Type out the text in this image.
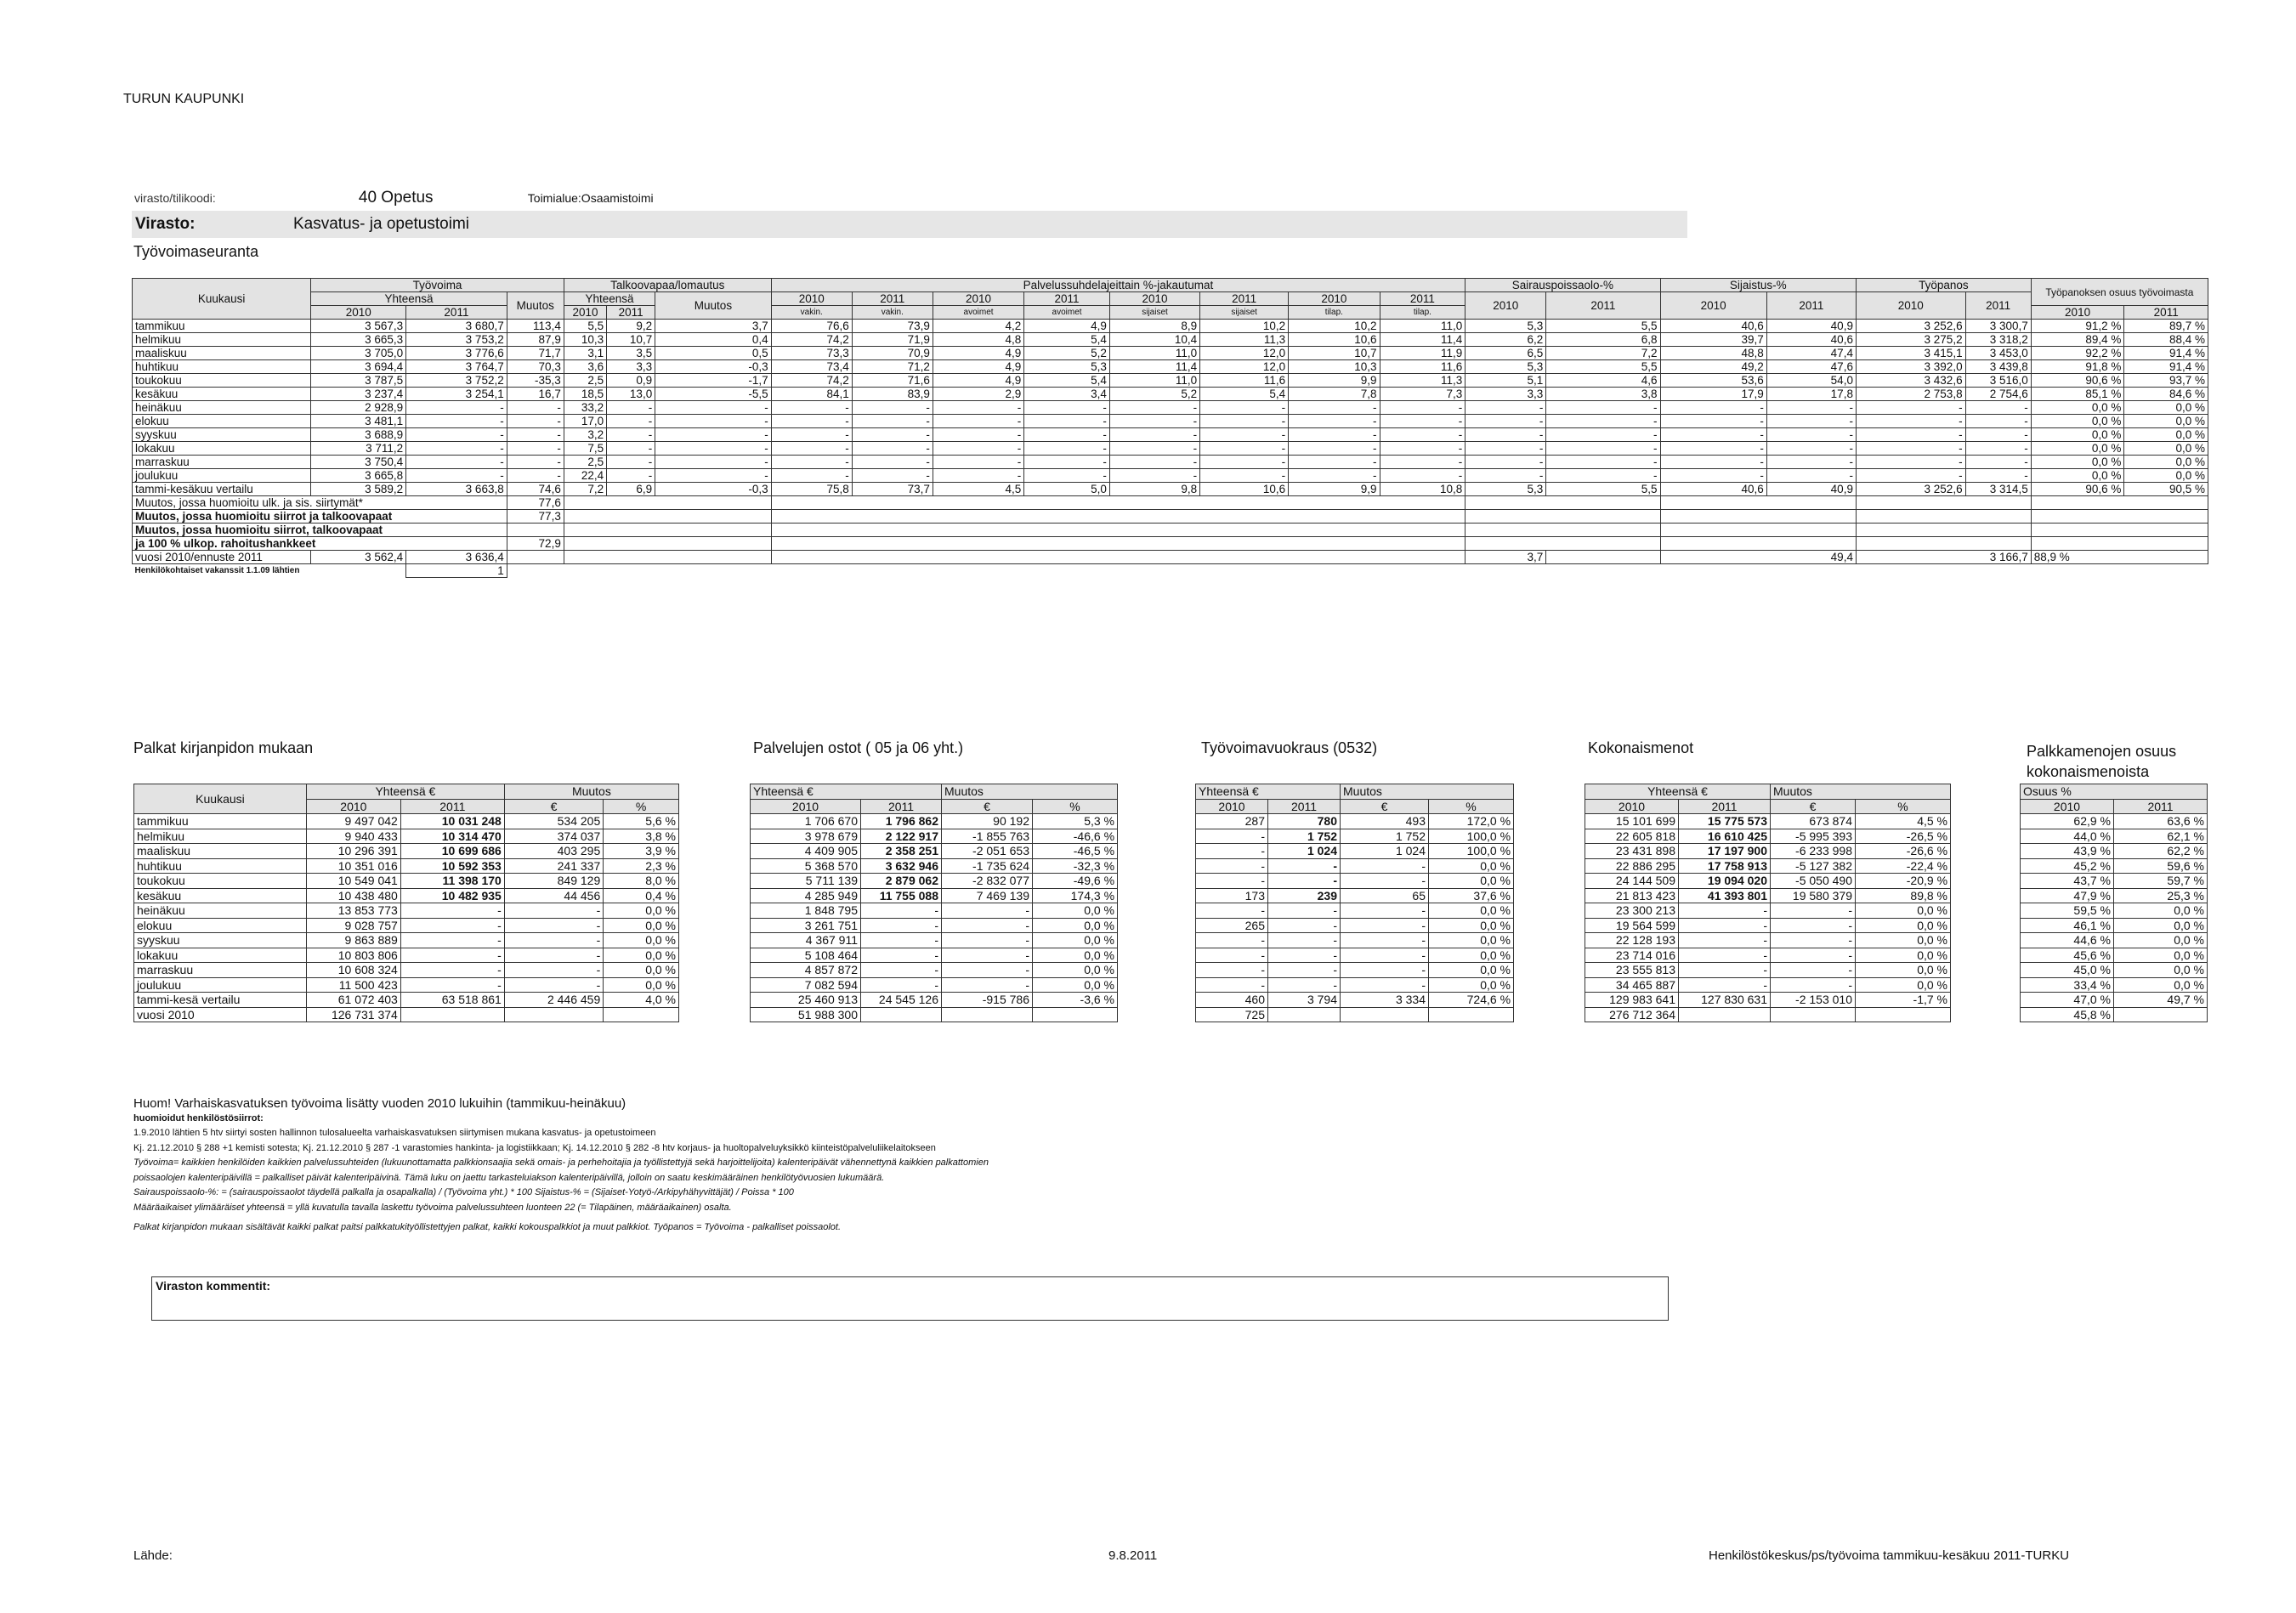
TURUN KAUPUNKI
virasto/tilikoodi:	40 Opetus	Toimialue:Osaamistoimi
Virasto:	Kasvatus- ja opetustoimi
Työvoimaseuranta
Kuukausi	Työvoima			Talkoovapaa/lomautus			Palvelussuhdelajeittain %-jakautumat								Sairauspoissaolo-%		Sijaistus-%		Työpanos		Työpanoksen osuus työvoimasta	
	Yhteensä		Muutos	Yhteensä		Muutos	2010	2011	2010	2011	2010	2011	2010	2011	2010	2011	2010	2011	2010	2011		
	2010	2011		2010	2011		vakin.	vakin.	avoimet	avoimet	sijaiset	sijaiset	tilap.	tilap.							2010	2011
tammikuu	3 567,3	3 680,7	113,4	5,5	9,2	3,7	76,6	73,9	4,2	4,9	8,9	10,2	10,2	11,0	5,3	5,5	40,6	40,9	3 252,6	3 300,7	91,2 %	89,7 %
helmikuu	3 665,3	3 753,2	87,9	10,3	10,7	0,4	74,2	71,9	4,8	5,4	10,4	11,3	10,6	11,4	6,2	6,8	39,7	40,6	3 275,2	3 318,2	89,4 %	88,4 %
maaliskuu	3 705,0	3 776,6	71,7	3,1	3,5	0,5	73,3	70,9	4,9	5,2	11,0	12,0	10,7	11,9	6,5	7,2	48,8	47,4	3 415,1	3 453,0	92,2 %	91,4 %
huhtikuu	3 694,4	3 764,7	70,3	3,6	3,3	-0,3	73,4	71,2	4,9	5,3	11,4	12,0	10,3	11,6	5,3	5,5	49,2	47,6	3 392,0	3 439,8	91,8 %	91,4 %
toukokuu	3 787,5	3 752,2	-35,3	2,5	0,9	-1,7	74,2	71,6	4,9	5,4	11,0	11,6	9,9	11,3	5,1	4,6	53,6	54,0	3 432,6	3 516,0	90,6 %	93,7 %
kesäkuu	3 237,4	3 254,1	16,7	18,5	13,0	-5,5	84,1	83,9	2,9	3,4	5,2	5,4	7,8	7,3	3,3	3,8	17,9	17,8	2 753,8	2 754,6	85,1 %	84,6 %
heinäkuu	2 928,9	-	-	33,2	-	-	-	-	-	-	-	-	-	-	-	-	-	-	-	-	0,0 %	0,0 %
elokuu	3 481,1	-	-	17,0	-	-	-	-	-	-	-	-	-	-	-	-	-	-	-	-	0,0 %	0,0 %
syyskuu	3 688,9	-	-	3,2	-	-	-	-	-	-	-	-	-	-	-	-	-	-	-	-	0,0 %	0,0 %
lokakuu	3 711,2	-	-	7,5	-	-	-	-	-	-	-	-	-	-	-	-	-	-	-	-	0,0 %	0,0 %
marraskuu	3 750,4	-	-	2,5	-	-	-	-	-	-	-	-	-	-	-	-	-	-	-	-	0,0 %	0,0 %
joulukuu	3 665,8	-	-	22,4	-	-	-	-	-	-	-	-	-	-	-	-	-	-	-	-	0,0 %	0,0 %
tammi-kesäkuu vertailu	3 589,2	3 663,8	74,6	7,2	6,9	-0,3	75,8	73,7	4,5	5,0	9,8	10,6	9,9	10,8	5,3	5,5	40,6	40,9	3 252,6	3 314,5	90,6 %	90,5 %
Muutos, jossa huomioitu ulk. ja sis. siirtymät*			77,6																			
Muutos, jossa huomioitu siirrot ja talkoovapaat			77,3																			
Muutos, jossa huomioitu siirrot, talkoovapaat																						
ja 100 % ulkop. rahoitushankkeet			72,9																			
vuosi 2010/ennuste 2011	3 562,4	3 636,4													3,7		49,4		3 166,7		88,9 %	
Henkilökohtaiset vakanssit 1.1.09 lähtien		1																				
Palkat kirjanpidon mukaan	Palvelujen ostot ( 05 ja 06 yht.)	Työvoimavuokraus (0532)	Kokonaismenot	Palkkamenojen osuus
kokonaismenoista
Kuukausi	Yhteensä €		Muutos	
	2010	2011	€	%
tammikuu	9 497 042	10 031 248	534 205	5,6 %
helmikuu	9 940 433	10 314 470	374 037	3,8 %
maaliskuu	10 296 391	10 699 686	403 295	3,9 %
huhtikuu	10 351 016	10 592 353	241 337	2,3 %
toukokuu	10 549 041	11 398 170	849 129	8,0 %
kesäkuu	10 438 480	10 482 935	44 456	0,4 %
heinäkuu	13 853 773	-	-	0,0 %
elokuu	9 028 757	-	-	0,0 %
syyskuu	9 863 889	-	-	0,0 %
lokakuu	10 803 806	-	-	0,0 %
marraskuu	10 608 324	-	-	0,0 %
joulukuu	11 500 423	-	-	0,0 %
tammi-kesä vertailu	61 072 403	63 518 861	2 446 459	4,0 %
vuosi 2010	126 731 374			
Yhteensä €		Muutos	
2010	2011	€	%
1 706 670	1 796 862	90 192	5,3 %
3 978 679	2 122 917	-1 855 763	-46,6 %
4 409 905	2 358 251	-2 051 653	-46,5 %
5 368 570	3 632 946	-1 735 624	-32,3 %
5 711 139	2 879 062	-2 832 077	-49,6 %
4 285 949	11 755 088	7 469 139	174,3 %
1 848 795	-	-	0,0 %
3 261 751	-	-	0,0 %
4 367 911	-	-	0,0 %
5 108 464	-	-	0,0 %
4 857 872	-	-	0,0 %
7 082 594	-	-	0,0 %
25 460 913	24 545 126	-915 786	-3,6 %
51 988 300			
Yhteensä €		Muutos	
2010	2011	€	%
287	780	493	172,0 %
-	1 752	1 752	100,0 %
-	1 024	1 024	100,0 %
-	-	-	0,0 %
-	-	-	0,0 %
173	239	65	37,6 %
-	-	-	0,0 %
265	-	-	0,0 %
-	-	-	0,0 %
-	-	-	0,0 %
-	-	-	0,0 %
-	-	-	0,0 %
460	3 794	3 334	724,6 %
725			
Yhteensä €		Muutos	
2010	2011	€	%
15 101 699	15 775 573	673 874	4,5 %
22 605 818	16 610 425	-5 995 393	-26,5 %
23 431 898	17 197 900	-6 233 998	-26,6 %
22 886 295	17 758 913	-5 127 382	-22,4 %
24 144 509	19 094 020	-5 050 490	-20,9 %
21 813 423	41 393 801	19 580 379	89,8 %
23 300 213	-	-	0,0 %
19 564 599	-	-	0,0 %
22 128 193	-	-	0,0 %
23 714 016	-	-	0,0 %
23 555 813	-	-	0,0 %
34 465 887	-	-	0,0 %
129 983 641	127 830 631	-2 153 010	-1,7 %
276 712 364			
Osuus %	
2010	2011
62,9 %	63,6 %
44,0 %	62,1 %
43,9 %	62,2 %
45,2 %	59,6 %
43,7 %	59,7 %
47,9 %	25,3 %
59,5 %	0,0 %
46,1 %	0,0 %
44,6 %	0,0 %
45,6 %	0,0 %
45,0 %	0,0 %
33,4 %	0,0 %
47,0 %	49,7 %
45,8 %	
Huom! Varhaiskasvatuksen työvoima lisätty vuoden 2010 lukuihin (tammikuu-heinäkuu)
huomioidut henkilöstösiirrot:
1.9.2010 lähtien 5 htv siirtyi sosten hallinnon tulosalueelta varhaiskasvatuksen siirtymisen mukana kasvatus- ja opetustoimeen
Kj. 21.12.2010 § 288 +1 kemisti sotesta; Kj. 21.12.2010 § 287 -1 varastomies hankinta- ja logistiikkaan; Kj. 14.12.2010 § 282 -8 htv korjaus- ja huoltopalveluyksikkö kiinteistöpalveluliikelaitokseen
Työvoima= kaikkien henkilöiden kaikkien palvelussuhteiden (lukuunottamatta palkkionsaajia sekä omais- ja perhehoitajia ja työllistettyjä sekä harjoittelijoita) kalenteripäivät vähennettynä kaikkien palkattomien
poissaolojen kalenteripäivillä = palkalliset päivät kalenteripäivinä. Tämä luku on jaettu tarkasteluiakson kalenteripäivillä, jolloin on saatu keskimääräinen henkilötyövuosien lukumäärä.
Sairauspoissaolo-%: = (sairauspoissaolot täydellä palkalla ja osapalkalla) / (Työvoima yht.) * 100 Sijaistus-% = (Sijaiset-Yotyö-/Arkipyhähyvittäjät) / Poissa * 100
Määräaikaiset ylimääräiset yhteensä = yllä kuvatulla tavalla laskettu työvoima palvelussuhteen luonteen 22 (= Tilapäinen, määräaikainen) osalta.
Palkat kirjanpidon mukaan sisältävät kaikki palkat paitsi palkkatukityöllistettyjen palkat, kaikki kokouspalkkiot ja muut palkkiot. Työpanos = Työvoima - palkalliset poissaolot.
Viraston kommentit:
Lähde:	9.8.2011	Henkilöstökeskus/ps/työvoima tammikuu-kesäkuu 2011-TURKU
